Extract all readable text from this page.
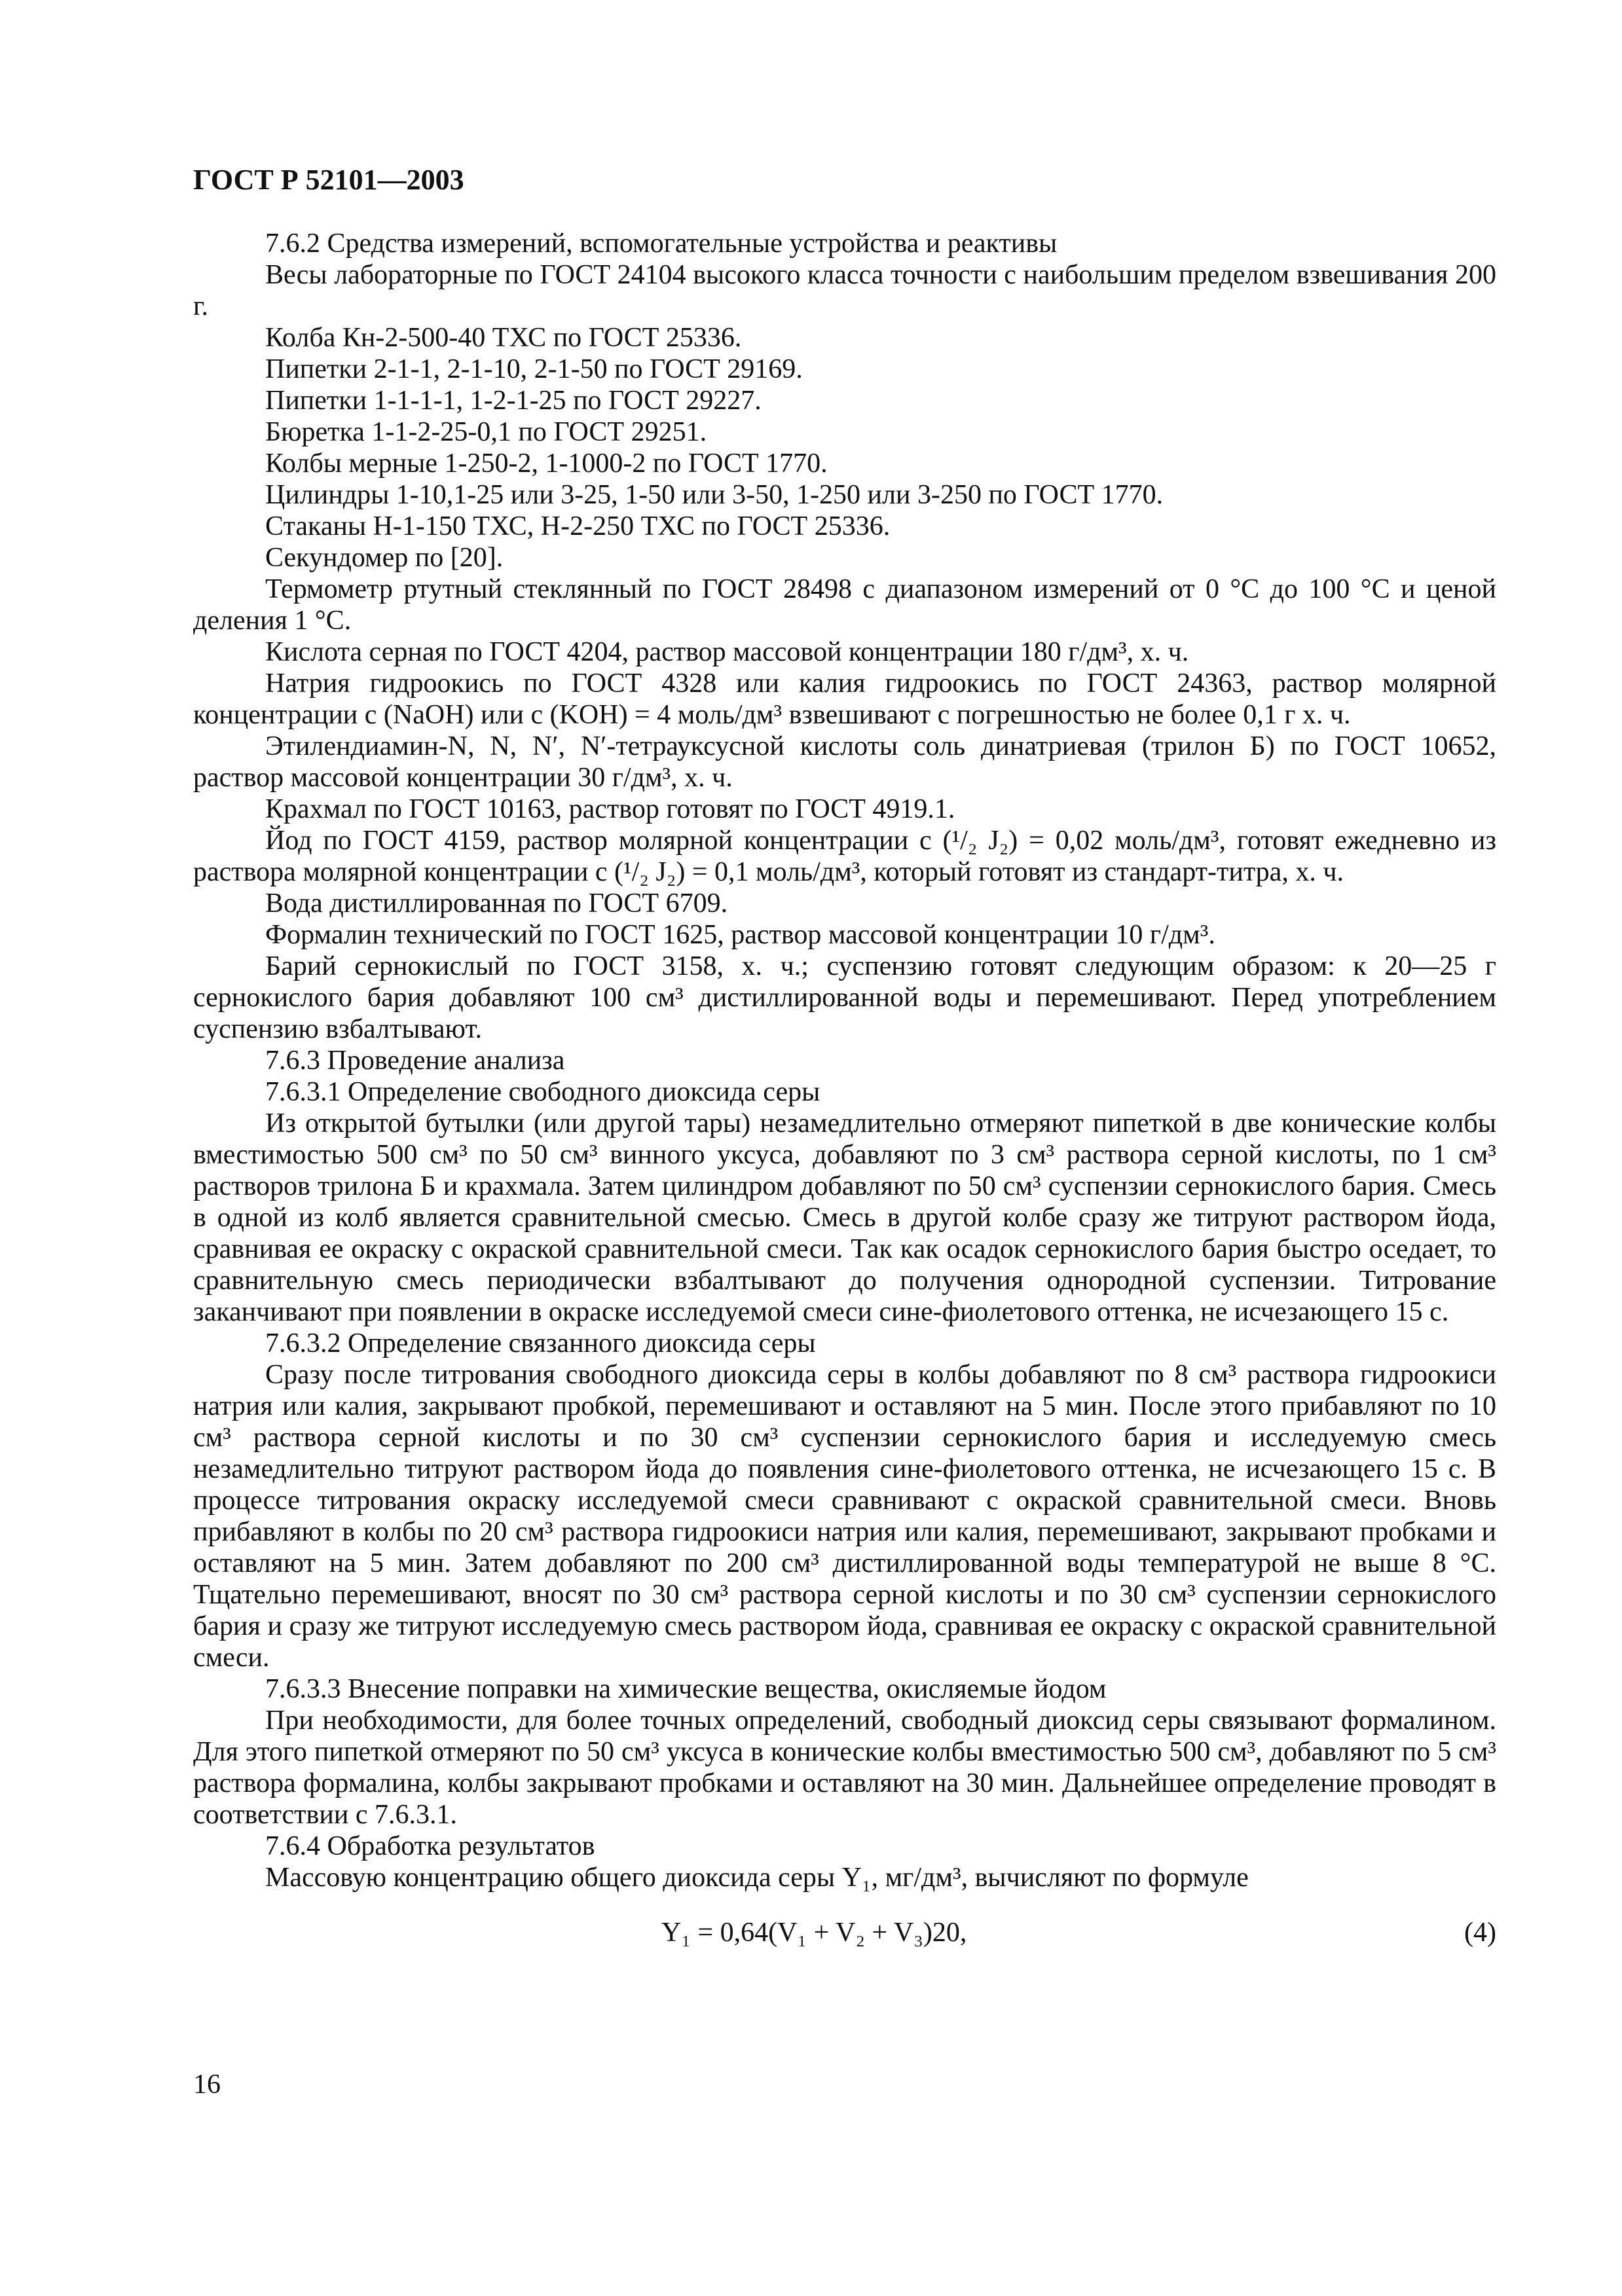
ГОСТ Р 52101—2003

7.6.2 Средства измерений, вспомогательные устройства и реактивы

Весы лабораторные по ГОСТ 24104 высокого класса точности с наибольшим пределом взвешивания 200 г.

Колба Кн-2-500-40 ТХС по ГОСТ 25336.

Пипетки 2-1-1, 2-1-10, 2-1-50 по ГОСТ 29169.

Пипетки 1-1-1-1, 1-2-1-25 по ГОСТ 29227.

Бюретка 1-1-2-25-0,1 по ГОСТ 29251.

Колбы мерные 1-250-2, 1-1000-2 по ГОСТ 1770.

Цилиндры 1-10,1-25 или 3-25, 1-50 или 3-50, 1-250 или 3-250 по ГОСТ 1770.

Стаканы Н-1-150 ТХС, Н-2-250 ТХС по ГОСТ 25336.

Секундомер по [20].

Термометр ртутный стеклянный по ГОСТ 28498 с диапазоном измерений от 0 °С до 100 °С и ценой деления 1 °С.

Кислота серная по ГОСТ 4204, раствор массовой концентрации 180 г/дм³, х. ч.

Натрия гидроокись по ГОСТ 4328 или калия гидроокись по ГОСТ 24363, раствор молярной концентрации c (NaOH) или c (KOH) = 4 моль/дм³ взвешивают с погрешностью не более 0,1 г х. ч.

Этилендиамин-N, N, N′, N′-тетрауксусной кислоты соль динатриевая (трилон Б) по ГОСТ 10652, раствор массовой концентрации 30 г/дм³, х. ч.

Крахмал по ГОСТ 10163, раствор готовят по ГОСТ 4919.1.

Йод по ГОСТ 4159, раствор молярной концентрации c (¹/₂ J₂) = 0,02 моль/дм³, готовят ежедневно из раствора молярной концентрации c (¹/₂ J₂) = 0,1 моль/дм³, который готовят из стандарт-титра, х. ч.

Вода дистиллированная по ГОСТ 6709.

Формалин технический по ГОСТ 1625, раствор массовой концентрации 10 г/дм³.

Барий сернокислый по ГОСТ 3158, х. ч.; суспензию готовят следующим образом: к 20—25 г сернокислого бария добавляют 100 см³ дистиллированной воды и перемешивают. Перед употреблением суспензию взбалтывают.

7.6.3 Проведение анализа

7.6.3.1 Определение свободного диоксида серы

Из открытой бутылки (или другой тары) незамедлительно отмеряют пипеткой в две конические колбы вместимостью 500 см³ по 50 см³ винного уксуса, добавляют по 3 см³ раствора серной кислоты, по 1 см³ растворов трилона Б и крахмала. Затем цилиндром добавляют по 50 см³ суспензии сернокислого бария. Смесь в одной из колб является сравнительной смесью. Смесь в другой колбе сразу же титруют раствором йода, сравнивая ее окраску с окраской сравнительной смеси. Так как осадок сернокислого бария быстро оседает, то сравнительную смесь периодически взбалтывают до получения однородной суспензии. Титрование заканчивают при появлении в окраске исследуемой смеси сине-фиолетового оттенка, не исчезающего 15 с.

7.6.3.2 Определение связанного диоксида серы

Сразу после титрования свободного диоксида серы в колбы добавляют по 8 см³ раствора гидроокиси натрия или калия, закрывают пробкой, перемешивают и оставляют на 5 мин. После этого прибавляют по 10 см³ раствора серной кислоты и по 30 см³ суспензии сернокислого бария и исследуемую смесь незамедлительно титруют раствором йода до появления сине-фиолетового оттенка, не исчезающего 15 с. В процессе титрования окраску исследуемой смеси сравнивают с окраской сравнительной смеси. Вновь прибавляют в колбы по 20 см³ раствора гидроокиси натрия или калия, перемешивают, закрывают пробками и оставляют на 5 мин. Затем добавляют по 200 см³ дистиллированной воды температурой не выше 8 °С. Тщательно перемешивают, вносят по 30 см³ раствора серной кислоты и по 30 см³ суспензии сернокислого бария и сразу же титруют исследуемую смесь раствором йода, сравнивая ее окраску с окраской сравнительной смеси.

7.6.3.3 Внесение поправки на химические вещества, окисляемые йодом

При необходимости, для более точных определений, свободный диоксид серы связывают формалином. Для этого пипеткой отмеряют по 50 см³ уксуса в конические колбы вместимостью 500 см³, добавляют по 5 см³ раствора формалина, колбы закрывают пробками и оставляют на 30 мин. Дальнейшее определение проводят в соответствии с 7.6.3.1.

7.6.4 Обработка результатов

Массовую концентрацию общего диоксида серы Y₁, мг/дм³, вычисляют по формуле

Y₁ = 0,64(V₁ + V₂ + V₃)20,	(4)
16
